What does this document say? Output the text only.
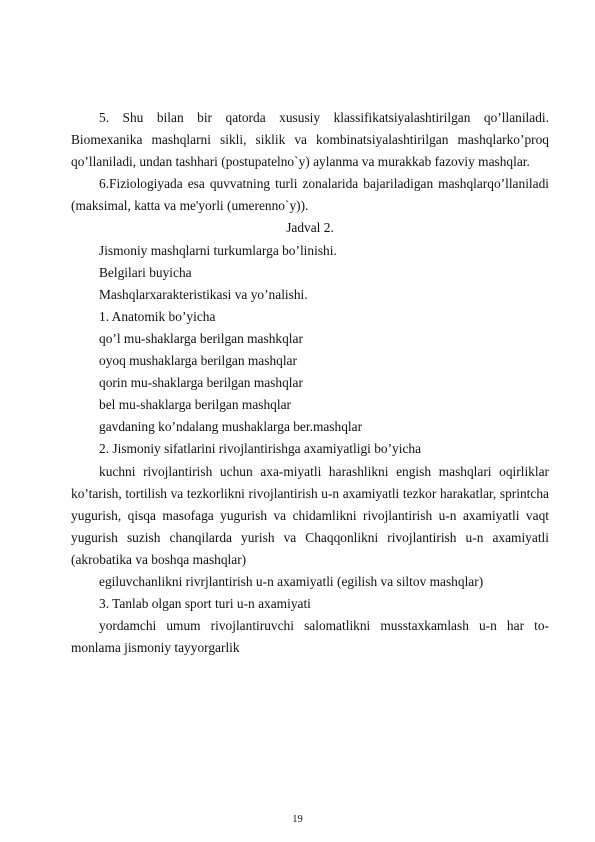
5. Shu bilan bir qatorda xususiy klassifikatsiyalashtirilgan qo’llaniladi. Biomexanika mashqlarni sikli, siklik va kombinatsiyalashtirilgan mashqlarko’proq qo’llaniladi, undan tashhari (postupatelno`y) aylanma va murakkab fazoviy mashqlar.

6.Fiziologiyada esa quvvatning turli zonalarida bajariladigan mashqlarqo’llaniladi (maksimal, katta va me'yorli (umerenno`y)).

Jadval 2.

Jismoniy mashqlarni turkumlarga bo’linishi.

Belgilari buyicha

Mashqlarxarakteristikasi va yo’nalishi.

1. Anatomik bo’yicha

qo’l mu-shaklarga berilgan mashkqlar

oyoq mushaklarga berilgan mashqlar

qorin mu-shaklarga berilgan mashqlar

bel mu-shaklarga berilgan mashqlar

gavdaning ko’ndalang mushaklarga ber.mashqlar

2. Jismoniy sifatlarini rivojlantirishga axamiyatligi bo’yicha

kuchni rivojlantirish uchun axa-miyatli harashlikni engish mashqlari oqirliklar ko’tarish, tortilish va tezkorlikni rivojlantirish u-n axamiyatli tezkor harakatlar, sprintcha yugurish, qisqa masofaga yugurish va chidamlikni rivojlantirish u-n axamiyatli vaqt yugurish suzish chanqilarda yurish va Chaqqonlikni rivojlantirish u-n axamiyatli (akrobatika va boshqa mashqlar)

egiluvchanlikni rivrjlantirish u-n axamiyatli (egilish va siltov mashqlar)

3. Tanlab olgan sport turi u-n axamiyati

yordamchi umum rivojlantiruvchi salomatlikni musstaxkamlash u-n har to-monlama jismoniy tayyorgarlik

19
